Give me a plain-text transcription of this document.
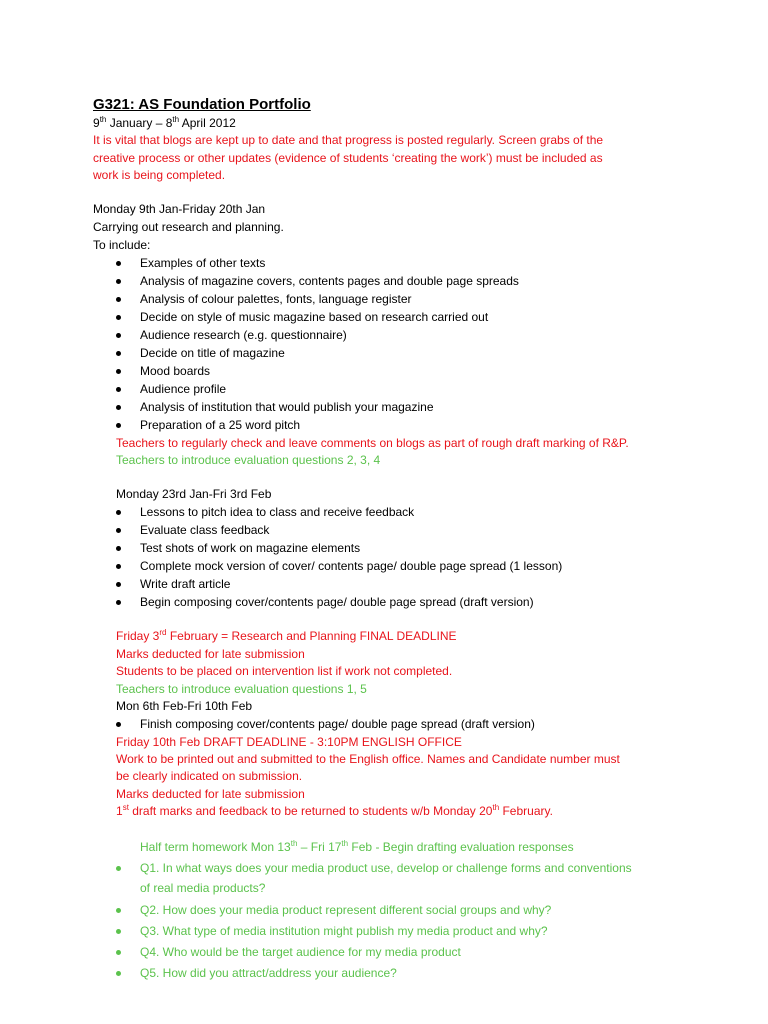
G321: AS Foundation Portfolio
9th January – 8th April 2012
It is vital that blogs are kept up to date and that progress is posted regularly. Screen grabs of the
creative process or other updates (evidence of students ‘creating the work’) must be included as
work is being completed.
Monday 9th Jan-Friday 20th Jan
Carrying out research and planning.
To include:
Examples of other texts
Analysis of magazine covers, contents pages and double page spreads
Analysis of colour palettes, fonts, language register
Decide on style of music magazine based on research carried out
Audience research (e.g. questionnaire)
Decide on title of magazine
Mood boards
Audience profile
Analysis of institution that would publish your magazine
Preparation of a 25 word pitch
Teachers to regularly check and leave comments on blogs as part of rough draft marking of R&P.
Teachers to introduce evaluation questions 2, 3, 4
Monday 23rd Jan-Fri 3rd Feb
Lessons to pitch idea to class and receive feedback
Evaluate class feedback
Test shots of work on magazine elements
Complete mock version of cover/ contents page/ double page spread (1 lesson)
Write draft article
Begin composing cover/contents page/ double page spread (draft version)
Friday 3rd February = Research and Planning FINAL DEADLINE
Marks deducted for late submission
Students to be placed on intervention list if work not completed.
Teachers to introduce evaluation questions 1, 5
Mon 6th Feb-Fri 10th Feb
Finish composing cover/contents page/ double page spread (draft version)
Friday 10th Feb DRAFT DEADLINE - 3:10PM ENGLISH OFFICE
Work to be printed out and submitted to the English office. Names and Candidate number must
be clearly indicated on submission.
Marks deducted for late submission
1st draft marks and feedback to be returned to students w/b Monday 20th February.
Half term homework Mon 13th – Fri 17th Feb - Begin drafting evaluation responses
Q1. In what ways does your media product use, develop or challenge forms and conventions
of real media products?
Q2. How does your media product represent different social groups and why?
Q3. What type of media institution might publish my media product and why?
Q4. Who would be the target audience for my media product
Q5. How did you attract/address your audience?
